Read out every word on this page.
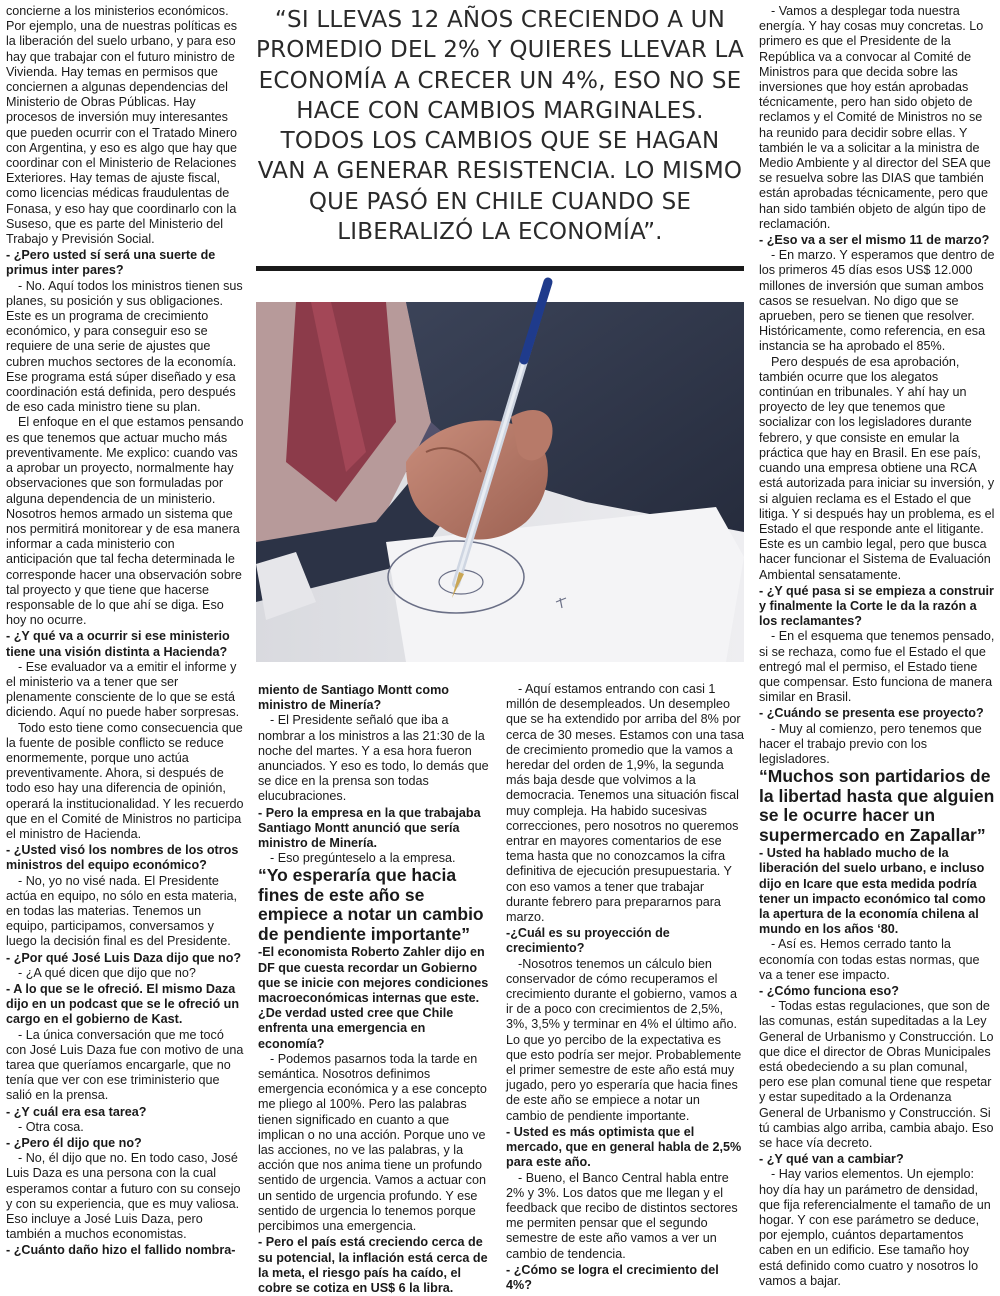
concierne a los ministerios económicos. Por ejemplo, una de nuestras políticas es la liberación del suelo urbano, y para eso hay que trabajar con el futuro ministro de Vivienda. Hay temas en permisos que conciernen a algunas dependencias del Ministerio de Obras Públicas. Hay procesos de inversión muy interesantes que pueden ocurrir con el Tratado Minero con Argentina, y eso es algo que hay que coordinar con el Ministerio de Relaciones Exteriores. Hay temas de ajuste fiscal, como licencias médicas fraudulentas de Fonasa, y eso hay que coordinarlo con la Suseso, que es parte del Ministerio del Trabajo y Previsión Social.

- ¿Pero usted sí será una suerte de primus inter pares?

- No. Aquí todos los ministros tienen sus planes, su posición y sus obligaciones. Este es un programa de crecimiento económico, y para conseguir eso se requiere de una serie de ajustes que cubren muchos sectores de la economía. Ese programa está súper diseñado y esa coordinación está definida, pero después de eso cada ministro tiene su plan.

El enfoque en el que estamos pensando es que tenemos que actuar mucho más preventivamente. Me explico: cuando vas a aprobar un proyecto, normalmente hay observaciones que son formuladas por alguna dependencia de un ministerio. Nosotros hemos armado un sistema que nos permitirá monitorear y de esa manera informar a cada ministerio con anticipación que tal fecha determinada le corresponde hacer una observación sobre tal proyecto y que tiene que hacerse responsable de lo que ahí se diga. Eso hoy no ocurre.

- ¿Y qué va a ocurrir si ese ministerio tiene una visión distinta a Hacienda?

- Ese evaluador va a emitir el informe y el ministerio va a tener que ser plenamente consciente de lo que se está diciendo. Aquí no puede haber sorpresas.

Todo esto tiene como consecuencia que la fuente de posible conflicto se reduce enormemente, porque uno actúa preventivamente. Ahora, si después de todo eso hay una diferencia de opinión, operará la institucionalidad. Y les recuerdo que en el Comité de Ministros no participa el ministro de Hacienda.

- ¿Usted visó los nombres de los otros ministros del equipo económico?

- No, yo no visé nada. El Presidente actúa en equipo, no sólo en esta materia, en todas las materias. Tenemos un equipo, participamos, conversamos y luego la decisión final es del Presidente.

- ¿Por qué José Luis Daza dijo que no?

- ¿A qué dicen que dijo que no?

- A lo que se le ofreció. El mismo Daza dijo en un podcast que se le ofreció un cargo en el gobierno de Kast.

- La única conversación que me tocó con José Luis Daza fue con motivo de una tarea que queríamos encargarle, que no tenía que ver con ese triministerio que salió en la prensa.

- ¿Y cuál era esa tarea?

- Otra cosa.

- ¿Pero él dijo que no?

- No, él dijo que no. En todo caso, José Luis Daza es una persona con la cual esperamos contar a futuro con su consejo y con su experiencia, que es muy valiosa. Eso incluye a José Luis Daza, pero también a muchos economistas.

- ¿Cuánto daño hizo el fallido nombra-

“SI LLEVAS 12 AÑOS CRECIENDO A UN PROMEDIO DEL 2% Y QUIERES LLEVAR LA ECONOMÍA A CRECER UN 4%, ESO NO SE HACE CON CAMBIOS MARGINALES. TODOS LOS CAMBIOS QUE SE HAGAN VAN A GENERAR RESISTENCIA. LO MISMO QUE PASÓ EN CHILE CUANDO SE LIBERALIZÓ LA ECONOMÍA”.

miento de Santiago Montt como ministro de Minería?

- El Presidente señaló que iba a nombrar a los ministros a las 21:30 de la noche del martes. Y a esa hora fueron anunciados. Y eso es todo, lo demás que se dice en la prensa son todas elucubraciones.

- Pero la empresa en la que trabajaba Santiago Montt anunció que sería ministro de Minería.

- Eso pregúnteselo a la empresa.

“Yo esperaría que hacia fines de este año se empiece a notar un cambio de pendiente importante”

-El economista Roberto Zahler dijo en DF que cuesta recordar un Gobierno que se inicie con mejores condiciones macroeconómicas internas que este. ¿De verdad usted cree que Chile enfrenta una emergencia en economía?

- Podemos pasarnos toda la tarde en semántica. Nosotros definimos emergencia económica y a ese concepto me pliego al 100%. Pero las palabras tienen significado en cuanto a que implican o no una acción. Porque uno ve las acciones, no ve las palabras, y la acción que nos anima tiene un profundo sentido de urgencia. Vamos a actuar con un sentido de urgencia profundo. Y ese sentido de urgencia lo tenemos porque percibimos una emergencia.

- Pero el país está creciendo cerca de su potencial, la inflación está cerca de la meta, el riesgo país ha caído, el cobre se cotiza en US$ 6 la libra.

- Aquí estamos entrando con casi 1 millón de desempleados. Un desempleo que se ha extendido por arriba del 8% por cerca de 30 meses. Estamos con una tasa de crecimiento promedio que la vamos a heredar del orden de 1,9%, la segunda más baja desde que volvimos a la democracia. Tenemos una situación fiscal muy compleja. Ha habido sucesivas correcciones, pero nosotros no queremos entrar en mayores comentarios de ese tema hasta que no conozcamos la cifra definitiva de ejecución presupuestaria. Y con eso vamos a tener que trabajar durante febrero para prepararnos para marzo.

-¿Cuál es su proyección de crecimiento?

-Nosotros tenemos un cálculo bien conservador de cómo recuperamos el crecimiento durante el gobierno, vamos a ir de a poco con crecimientos de 2,5%, 3%, 3,5% y terminar en 4% el último año. Lo que yo percibo de la expectativa es que esto podría ser mejor. Probablemente el primer semestre de este año está muy jugado, pero yo esperaría que hacia fines de este año se empiece a notar un cambio de pendiente importante.

- Usted es más optimista que el mercado, que en general habla de 2,5% para este año.

- Bueno, el Banco Central habla entre 2% y 3%. Los datos que me llegan y el feedback que recibo de distintos sectores me permiten pensar que el segundo semestre de este año vamos a ver un cambio de tendencia.

- ¿Cómo se logra el crecimiento del 4%?

- Vamos a desplegar toda nuestra energía. Y hay cosas muy concretas. Lo primero es que el Presidente de la República va a convocar al Comité de Ministros para que decida sobre las inversiones que hoy están aprobadas técnicamente, pero han sido objeto de reclamos y el Comité de Ministros no se ha reunido para decidir sobre ellas. Y también le va a solicitar a la ministra de Medio Ambiente y al director del SEA que se resuelva sobre las DIAS que también están aprobadas técnicamente, pero que han sido también objeto de algún tipo de reclamación.

- ¿Eso va a ser el mismo 11 de marzo?

- En marzo. Y esperamos que dentro de los primeros 45 días esos US$ 12.000 millones de inversión que suman ambos casos se resuelvan. No digo que se aprueben, pero se tienen que resolver. Históricamente, como referencia, en esa instancia se ha aprobado el 85%.

Pero después de esa aprobación, también ocurre que los alegatos continúan en tribunales. Y ahí hay un proyecto de ley que tenemos que socializar con los legisladores durante febrero, y que consiste en emular la práctica que hay en Brasil. En ese país, cuando una empresa obtiene una RCA está autorizada para iniciar su inversión, y si alguien reclama es el Estado el que litiga. Y si después hay un problema, es el Estado el que responde ante el litigante. Este es un cambio legal, pero que busca hacer funcionar el Sistema de Evaluación Ambiental sensatamente.

- ¿Y qué pasa si se empieza a construir y finalmente la Corte le da la razón a los reclamantes?

- En el esquema que tenemos pensado, si se rechaza, como fue el Estado el que entregó mal el permiso, el Estado tiene que compensar. Esto funciona de manera similar en Brasil.

- ¿Cuándo se presenta ese proyecto?

- Muy al comienzo, pero tenemos que hacer el trabajo previo con los legisladores.

“Muchos son partidarios de la libertad hasta que alguien se le ocurre hacer un supermercado en Zapallar”

- Usted ha hablado mucho de la liberación del suelo urbano, e incluso dijo en Icare que esta medida podría tener un impacto económico tal como la apertura de la economía chilena al mundo en los años ‘80.

- Así es. Hemos cerrado tanto la economía con todas estas normas, que va a tener ese impacto.

- ¿Cómo funciona eso?

- Todas estas regulaciones, que son de las comunas, están supeditadas a la Ley General de Urbanismo y Construcción. Lo que dice el director de Obras Municipales está obedeciendo a su plan comunal, pero ese plan comunal tiene que respetar y estar supeditado a la Ordenanza General de Urbanismo y Construcción. Si tú cambias algo arriba, cambia abajo. Eso se hace vía decreto.

- ¿Y qué van a cambiar?

- Hay varios elementos. Un ejemplo: hoy día hay un parámetro de densidad, que fija referencialmente el tamaño de un hogar. Y con ese parámetro se deduce, por ejemplo, cuántos departamentos caben en un edificio. Ese tamaño hoy está definido como cuatro y nosotros lo vamos a bajar.
